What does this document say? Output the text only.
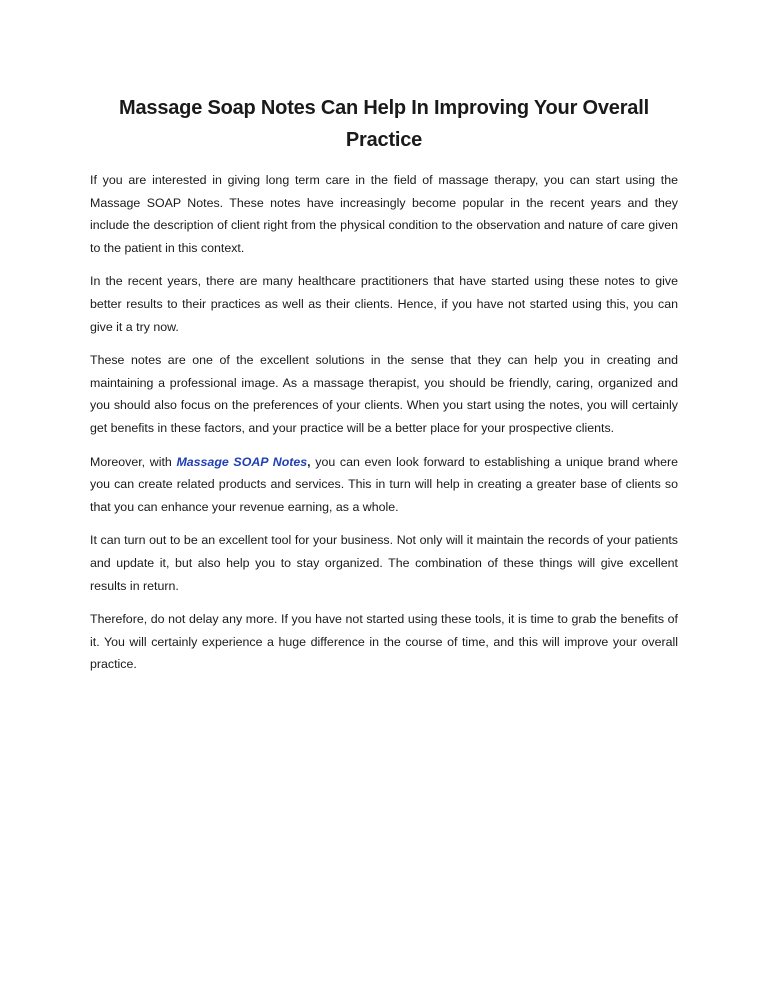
Massage Soap Notes Can Help In Improving Your Overall Practice

If you are interested in giving long term care in the field of massage therapy, you can start using the Massage SOAP Notes. These notes have increasingly become popular in the recent years and they include the description of client right from the physical condition to the observation and nature of care given to the patient in this context.

In the recent years, there are many healthcare practitioners that have started using these notes to give better results to their practices as well as their clients. Hence, if you have not started using this, you can give it a try now.

These notes are one of the excellent solutions in the sense that they can help you in creating and maintaining a professional image. As a massage therapist, you should be friendly, caring, organized and you should also focus on the preferences of your clients. When you start using the notes, you will certainly get benefits in these factors, and your practice will be a better place for your prospective clients.

Moreover, with Massage SOAP Notes, you can even look forward to establishing a unique brand where you can create related products and services. This in turn will help in creating a greater base of clients so that you can enhance your revenue earning, as a whole.

It can turn out to be an excellent tool for your business. Not only will it maintain the records of your patients and update it, but also help you to stay organized. The combination of these things will give excellent results in return.

Therefore, do not delay any more. If you have not started using these tools, it is time to grab the benefits of it. You will certainly experience a huge difference in the course of time, and this will improve your overall practice.
